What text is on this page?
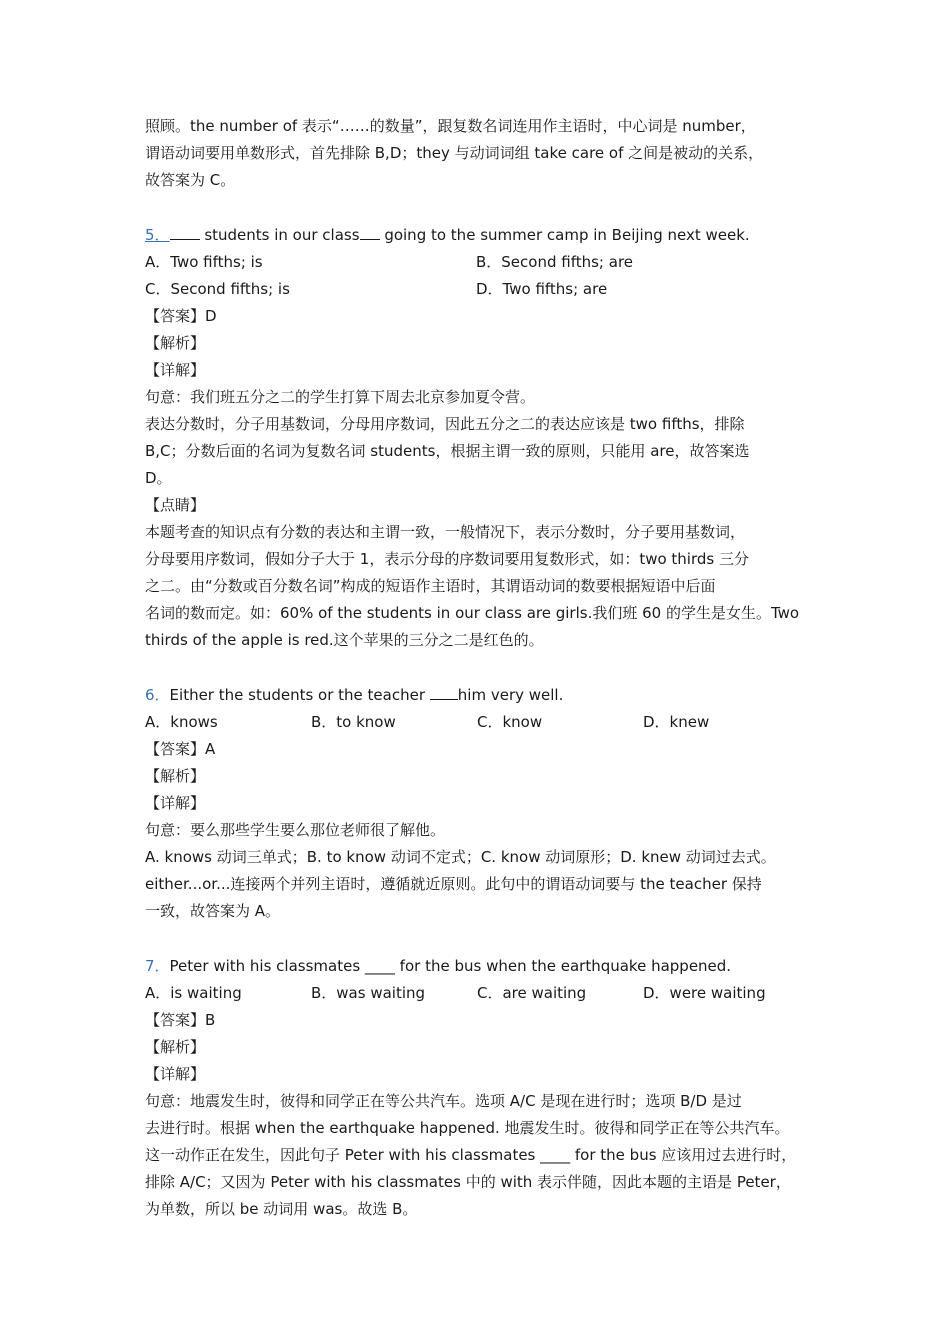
照顾。the number of 表示“……的数量”，跟复数名词连用作主语时，中心词是 number，
谓语动词要用单数形式，首先排除 B,D；they 与动词词组 take care of 之间是被动的关系，
故答案为 C。
5． students in our class going to the summer camp in Beijing next week.
A．Two fifths; is	B．Second fifths; are
C．Second fifths; is	D．Two fifths; are
【答案】D
【解析】
【详解】
句意：我们班五分之二的学生打算下周去北京参加夏令营。
表达分数时，分子用基数词，分母用序数词，因此五分之二的表达应该是 two fifths，排除
B,C；分数后面的名词为复数名词 students，根据主谓一致的原则，只能用 are，故答案选
D。
【点睛】
本题考查的知识点有分数的表达和主谓一致，一般情况下，表示分数时，分子要用基数词，
分母要用序数词，假如分子大于 1，表示分母的序数词要用复数形式，如：two thirds 三分
之二。由“分数或百分数名词”构成的短语作主语时，其谓语动词的数要根据短语中后面
名词的数而定。如：60% of the students in our class are girls.我们班 60 的学生是女生。Two
thirds of the apple is red.这个苹果的三分之二是红色的。
6．Either the students or the teacher him very well.
A．knows	B．to know	C．know	D．knew
【答案】A
【解析】
【详解】
句意：要么那些学生要么那位老师很了解他。
A. knows 动词三单式；B. to know 动词不定式；C. know 动词原形；D. knew 动词过去式。
either...or...连接两个并列主语时，遵循就近原则。此句中的谓语动词要与 the teacher 保持
一致，故答案为 A。
7．Peter with his classmates ____ for the bus when the earthquake happened.
A．is waiting	B．was waiting	C．are waiting	D．were waiting
【答案】B
【解析】
【详解】
句意：地震发生时，彼得和同学正在等公共汽车。选项 A/C 是现在进行时；选项 B/D 是过
去进行时。根据 when the earthquake happened. 地震发生时。彼得和同学正在等公共汽车。
这一动作正在发生，因此句子 Peter with his classmates ____ for the bus 应该用过去进行时，
排除 A/C；又因为 Peter with his classmates 中的 with 表示伴随，因此本题的主语是 Peter，
为单数，所以 be 动词用 was。故选 B。
